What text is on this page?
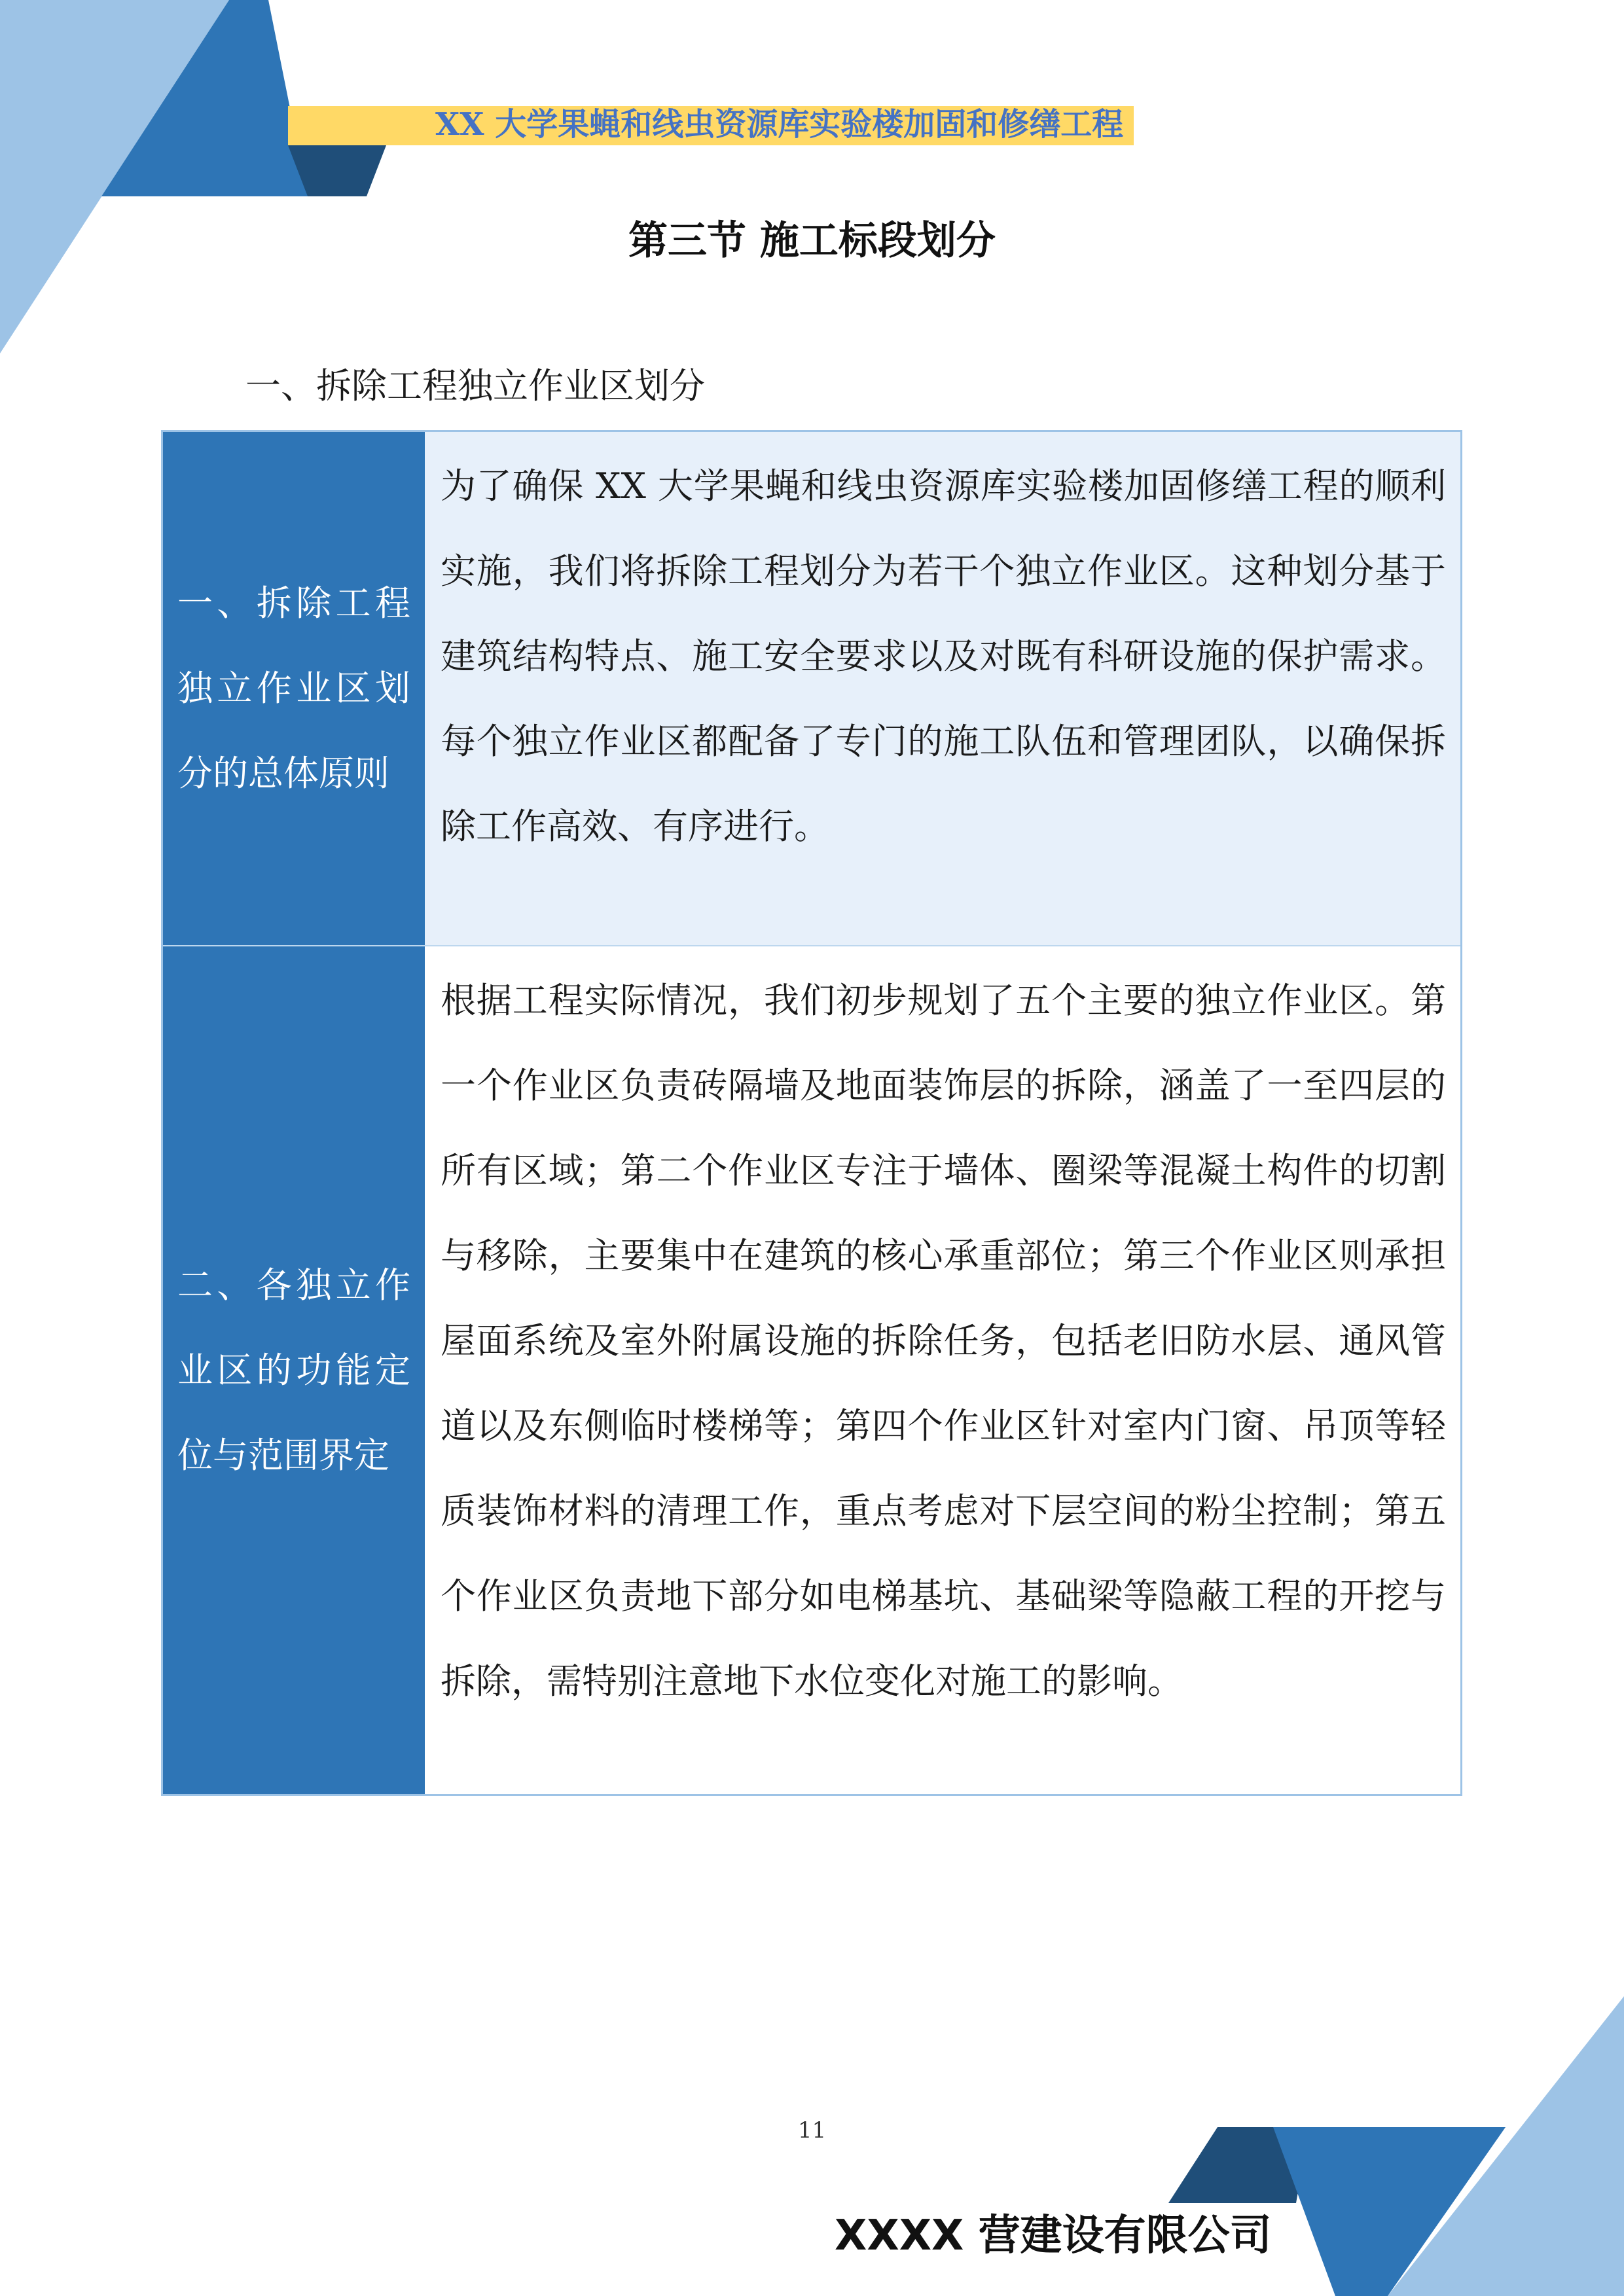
XX 大学果蝇和线虫资源库实验楼加固和修缮工程
第三节 施工标段划分
一、拆除工程独立作业区划分
一、拆除工程独立作业区划分的总体原则
为了确保 XX 大学果蝇和线虫资源库实验楼加固修缮工程的顺利实施，我们将拆除工程划分为若干个独立作业区。这种划分基于建筑结构特点、施工安全要求以及对既有科研设施的保护需求。每个独立作业区都配备了专门的施工队伍和管理团队，以确保拆除工作高效、有序进行。
二、各独立作业区的功能定位与范围界定
根据工程实际情况，我们初步规划了五个主要的独立作业区。第一个作业区负责砖隔墙及地面装饰层的拆除，涵盖了一至四层的所有区域；第二个作业区专注于墙体、圈梁等混凝土构件的切割与移除，主要集中在建筑的核心承重部位；第三个作业区则承担屋面系统及室外附属设施的拆除任务，包括老旧防水层、通风管道以及东侧临时楼梯等；第四个作业区针对室内门窗、吊顶等轻质装饰材料的清理工作，重点考虑对下层空间的粉尘控制；第五个作业区负责地下部分如电梯基坑、基础梁等隐蔽工程的开挖与拆除，需特别注意地下水位变化对施工的影响。
11
XXXX 营建设有限公司
